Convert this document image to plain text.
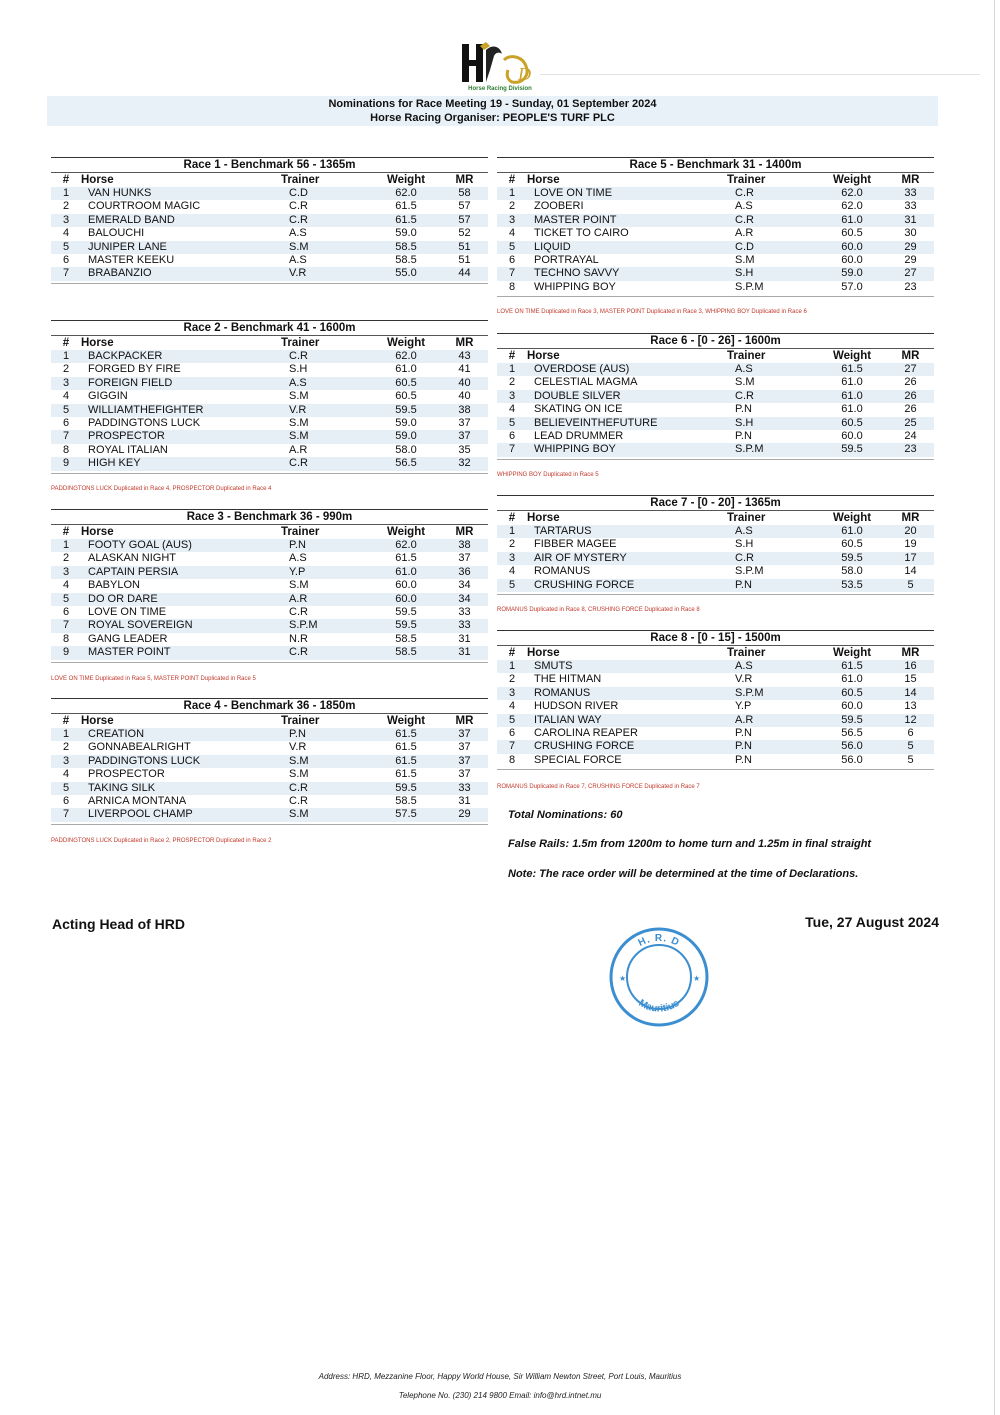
D
Horse Racing Division
Nominations for Race Meeting 19 - Sunday, 01 September 2024
Horse Racing Organiser: PEOPLE'S TURF PLC
Race 1 - Benchmark 56 - 1365m
#	Horse	Trainer	Weight	MR
1	VAN HUNKS	C.D	62.0	58
2	COURTROOM MAGIC	C.R	61.5	57
3	EMERALD BAND	C.R	61.5	57
4	BALOUCHI	A.S	59.0	52
5	JUNIPER LANE	S.M	58.5	51
6	MASTER KEEKU	A.S	58.5	51
7	BRABANZIO	V.R	55.0	44
Race 2 - Benchmark 41 - 1600m
#	Horse	Trainer	Weight	MR
1	BACKPACKER	C.R	62.0	43
2	FORGED BY FIRE	S.H	61.0	41
3	FOREIGN FIELD	A.S	60.5	40
4	GIGGIN	S.M	60.5	40
5	WILLIAMTHEFIGHTER	V.R	59.5	38
6	PADDINGTONS LUCK	S.M	59.0	37
7	PROSPECTOR	S.M	59.0	37
8	ROYAL ITALIAN	A.R	58.0	35
9	HIGH KEY	C.R	56.5	32
PADDINGTONS LUCK Duplicated in Race 4, PROSPECTOR Duplicated in Race 4
Race 3 - Benchmark 36 - 990m
#	Horse	Trainer	Weight	MR
1	FOOTY GOAL (AUS)	P.N	62.0	38
2	ALASKAN NIGHT	A.S	61.5	37
3	CAPTAIN PERSIA	Y.P	61.0	36
4	BABYLON	S.M	60.0	34
5	DO OR DARE	A.R	60.0	34
6	LOVE ON TIME	C.R	59.5	33
7	ROYAL SOVEREIGN	S.P.M	59.5	33
8	GANG LEADER	N.R	58.5	31
9	MASTER POINT	C.R	58.5	31
LOVE ON TIME Duplicated in Race 5, MASTER POINT Duplicated in Race 5
Race 4 - Benchmark 36 - 1850m
#	Horse	Trainer	Weight	MR
1	CREATION	P.N	61.5	37
2	GONNABEALRIGHT	V.R	61.5	37
3	PADDINGTONS LUCK	S.M	61.5	37
4	PROSPECTOR	S.M	61.5	37
5	TAKING SILK	C.R	59.5	33
6	ARNICA MONTANA	C.R	58.5	31
7	LIVERPOOL CHAMP	S.M	57.5	29
PADDINGTONS LUCK Duplicated in Race 2, PROSPECTOR Duplicated in Race 2
Race 5 - Benchmark 31 - 1400m
#	Horse	Trainer	Weight	MR
1	LOVE ON TIME	C.R	62.0	33
2	ZOOBERI	A.S	62.0	33
3	MASTER POINT	C.R	61.0	31
4	TICKET TO CAIRO	A.R	60.5	30
5	LIQUID	C.D	60.0	29
6	PORTRAYAL	S.M	60.0	29
7	TECHNO SAVVY	S.H	59.0	27
8	WHIPPING BOY	S.P.M	57.0	23
LOVE ON TIME Duplicated in Race 3, MASTER POINT Duplicated in Race 3, WHIPPING BOY Duplicated in Race 6
Race 6 - [0 - 26] - 1600m
#	Horse	Trainer	Weight	MR
1	OVERDOSE (AUS)	A.S	61.5	27
2	CELESTIAL MAGMA	S.M	61.0	26
3	DOUBLE SILVER	C.R	61.0	26
4	SKATING ON ICE	P.N	61.0	26
5	BELIEVEINTHEFUTURE	S.H	60.5	25
6	LEAD DRUMMER	P.N	60.0	24
7	WHIPPING BOY	S.P.M	59.5	23
WHIPPING BOY Duplicated in Race 5
Race 7 - [0 - 20] - 1365m
#	Horse	Trainer	Weight	MR
1	TARTARUS	A.S	61.0	20
2	FIBBER MAGEE	S.H	60.5	19
3	AIR OF MYSTERY	C.R	59.5	17
4	ROMANUS	S.P.M	58.0	14
5	CRUSHING FORCE	P.N	53.5	5
ROMANUS Duplicated in Race 8, CRUSHING FORCE Duplicated in Race 8
Race 8 - [0 - 15] - 1500m
#	Horse	Trainer	Weight	MR
1	SMUTS	A.S	61.5	16
2	THE HITMAN	V.R	61.0	15
3	ROMANUS	S.P.M	60.5	14
4	HUDSON RIVER	Y.P	60.0	13
5	ITALIAN WAY	A.R	59.5	12
6	CAROLINA REAPER	P.N	56.5	6
7	CRUSHING FORCE	P.N	56.0	5
8	SPECIAL FORCE	P.N	56.0	5
ROMANUS Duplicated in Race 7, CRUSHING FORCE Duplicated in Race 7
Total Nominations: 60
False Rails: 1.5m from 1200m to home turn and 1.25m in final straight
Note: The race order will be determined at the time of Declarations.
Acting Head of HRD	Tue, 27 August 2024
H. R. D
Mauritius
★	★
Address: HRD, Mezzanine Floor, Happy World House, Sir William Newton Street, Port Louis, Mauritius
Telephone No. (230) 214 9800 Email: info@hrd.intnet.mu
